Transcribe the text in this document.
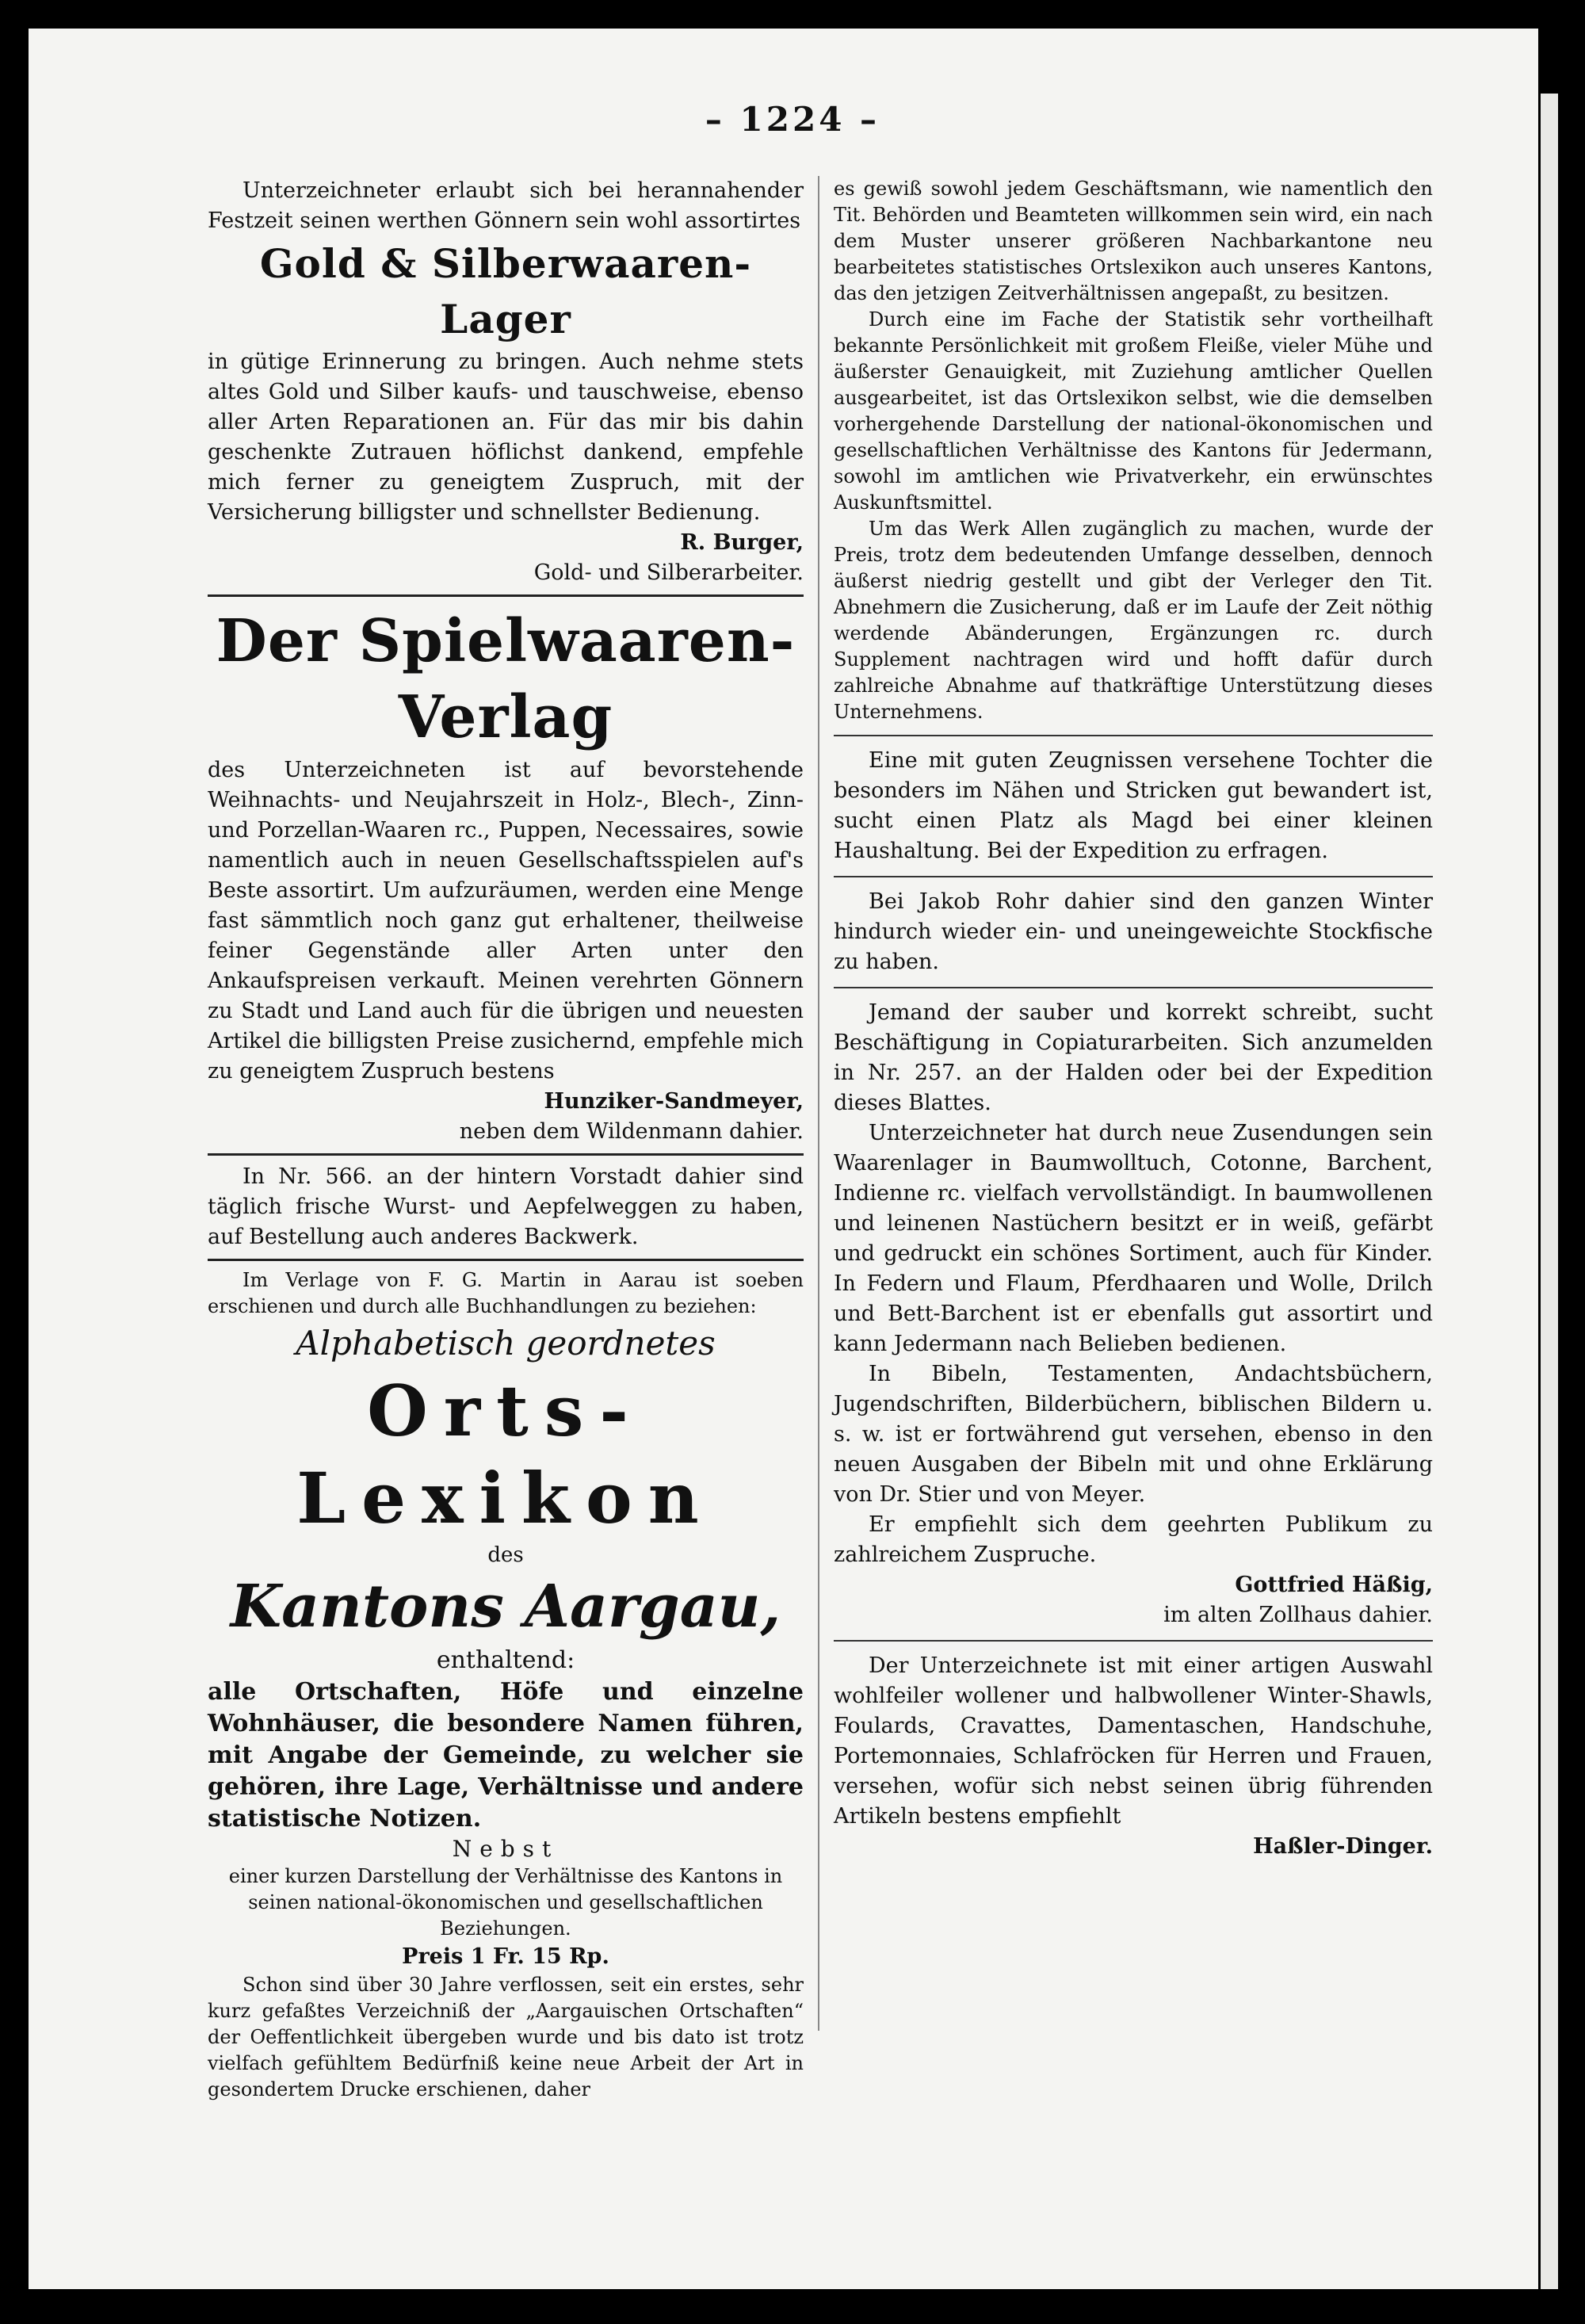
– 1224 –

Unterzeichneter erlaubt sich bei herannahender Festzeit seinen werthen Gönnern sein wohl assortirtes

Gold & Silberwaaren-Lager

in gütige Erinnerung zu bringen. Auch nehme stets altes Gold und Silber kaufs- und tauschweise, ebenso aller Arten Reparationen an. Für das mir bis dahin geschenkte Zutrauen höflichst dankend, empfehle mich ferner zu geneigtem Zuspruch, mit der Versicherung billigster und schnellster Bedienung.

R. Burger,

Gold- und Silberarbeiter.

Der Spielwaaren-Verlag

des Unterzeichneten ist auf bevorstehende Weihnachts- und Neujahrszeit in Holz-, Blech-, Zinn- und Porzellan-Waaren rc., Puppen, Necessaires, sowie namentlich auch in neuen Gesellschaftsspielen auf's Beste assortirt. Um aufzuräumen, werden eine Menge fast sämmtlich noch ganz gut erhaltener, theilweise feiner Gegenstände aller Arten unter den Ankaufspreisen verkauft. Meinen verehrten Gönnern zu Stadt und Land auch für die übrigen und neuesten Artikel die billigsten Preise zusichernd, empfehle mich zu geneigtem Zuspruch bestens

Hunziker-Sandmeyer,

neben dem Wildenmann dahier.

In Nr. 566. an der hintern Vorstadt dahier sind täglich frische Wurst- und Aepfelweggen zu haben, auf Bestellung auch anderes Backwerk.

Im Verlage von F. G. Martin in Aarau ist soeben erschienen und durch alle Buchhandlungen zu beziehen:

Alphabetisch geordnetes

Orts-Lexikon

des

Kantons Aargau,

enthaltend:

alle Ortschaften, Höfe und einzelne Wohnhäuser, die besondere Namen führen, mit Angabe der Gemeinde, zu welcher sie gehören, ihre Lage, Verhältnisse und andere statistische Notizen.

Nebst

einer kurzen Darstellung der Verhältnisse des Kantons in seinen national-ökonomischen und gesellschaftlichen Beziehungen.

Preis 1 Fr. 15 Rp.

Schon sind über 30 Jahre verflossen, seit ein erstes, sehr kurz gefaßtes Verzeichniß der „Aargauischen Ortschaften“ der Oeffentlichkeit übergeben wurde und bis dato ist trotz vielfach gefühltem Bedürfniß keine neue Arbeit der Art in gesondertem Drucke erschienen, daher

es gewiß sowohl jedem Geschäftsmann, wie namentlich den Tit. Behörden und Beamteten willkommen sein wird, ein nach dem Muster unserer größeren Nachbarkantone neu bearbeitetes statistisches Ortslexikon auch unseres Kantons, das den jetzigen Zeitverhältnissen angepaßt, zu besitzen.

Durch eine im Fache der Statistik sehr vortheilhaft bekannte Persönlichkeit mit großem Fleiße, vieler Mühe und äußerster Genauigkeit, mit Zuziehung amtlicher Quellen ausgearbeitet, ist das Ortslexikon selbst, wie die demselben vorhergehende Darstellung der national-ökonomischen und gesellschaftlichen Verhältnisse des Kantons für Jedermann, sowohl im amtlichen wie Privatverkehr, ein erwünschtes Auskunftsmittel.

Um das Werk Allen zugänglich zu machen, wurde der Preis, trotz dem bedeutenden Umfange desselben, dennoch äußerst niedrig gestellt und gibt der Verleger den Tit. Abnehmern die Zusicherung, daß er im Laufe der Zeit nöthig werdende Abänderungen, Ergänzungen rc. durch Supplement nachtragen wird und hofft dafür durch zahlreiche Abnahme auf thatkräftige Unterstützung dieses Unternehmens.

Eine mit guten Zeugnissen versehene Tochter die besonders im Nähen und Stricken gut bewandert ist, sucht einen Platz als Magd bei einer kleinen Haushaltung. Bei der Expedition zu erfragen.

Bei Jakob Rohr dahier sind den ganzen Winter hindurch wieder ein- und uneingeweichte Stockfische zu haben.

Jemand der sauber und korrekt schreibt, sucht Beschäftigung in Copiaturarbeiten. Sich anzumelden in Nr. 257. an der Halden oder bei der Expedition dieses Blattes.

Unterzeichneter hat durch neue Zusendungen sein Waarenlager in Baumwolltuch, Cotonne, Barchent, Indienne rc. vielfach vervollständigt. In baumwollenen und leinenen Nastüchern besitzt er in weiß, gefärbt und gedruckt ein schönes Sortiment, auch für Kinder. In Federn und Flaum, Pferdhaaren und Wolle, Drilch und Bett-Barchent ist er ebenfalls gut assortirt und kann Jedermann nach Belieben bedienen.

In Bibeln, Testamenten, Andachtsbüchern, Jugendschriften, Bilderbüchern, biblischen Bildern u. s. w. ist er fortwährend gut versehen, ebenso in den neuen Ausgaben der Bibeln mit und ohne Erklärung von Dr. Stier und von Meyer.

Er empfiehlt sich dem geehrten Publikum zu zahlreichem Zuspruche.

Gottfried Häßig,

im alten Zollhaus dahier.

Der Unterzeichnete ist mit einer artigen Auswahl wohlfeiler wollener und halbwollener Winter-Shawls, Foulards, Cravattes, Damentaschen, Handschuhe, Portemonnaies, Schlafröcken für Herren und Frauen, versehen, wofür sich nebst seinen übrig führenden Artikeln bestens empfiehlt

Haßler-Dinger.
